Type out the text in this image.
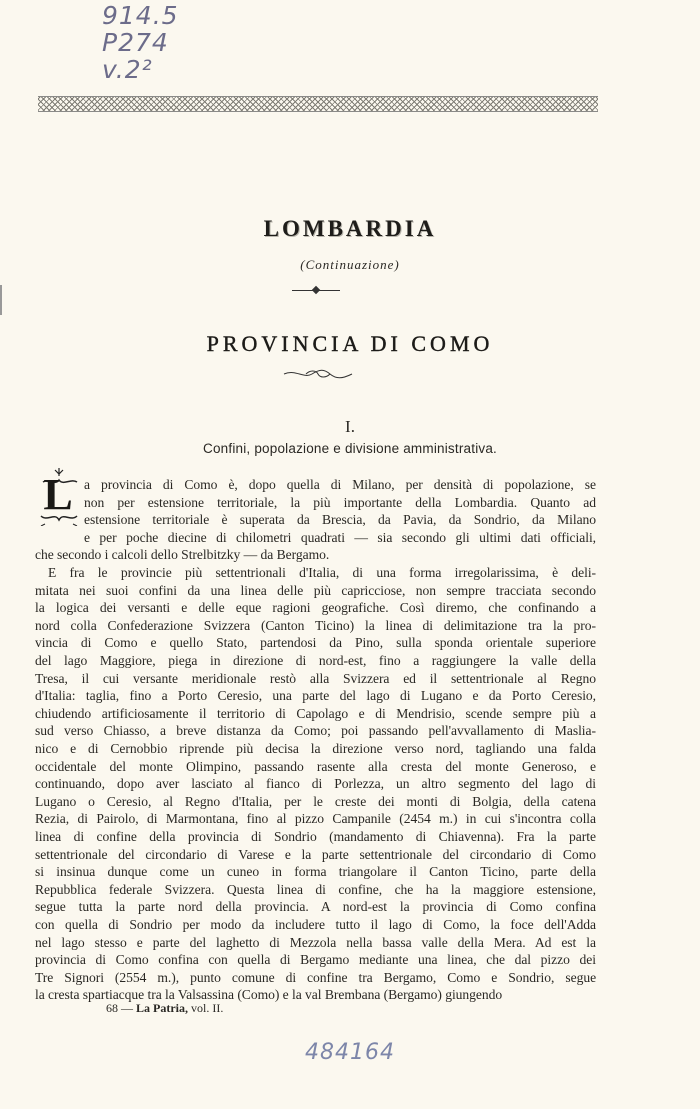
914.5
P274
v.2²
LOMBARDIA
(Continuazione)
PROVINCIA DI COMO
I.
Confini, popolazione e divisione amministrativa.
L a provincia di Como è, dopo quella di Milano, per densità di popolazione, se
non per estensione territoriale, la più importante della Lombardia. Quanto ad
estensione territoriale è superata da Brescia, da Pavia, da Sondrio, da Milano
e per poche diecine di chilometri quadrati — sia secondo gli ultimi dati officiali,
che secondo i calcoli dello Strelbitzky — da Bergamo.
E fra le provincie più settentrionali d'Italia, di una forma irregolarissima, è deli-
mitata nei suoi confini da una linea delle più capricciose, non sempre tracciata secondo
la logica dei versanti e delle eque ragioni geografiche. Così diremo, che confinando a
nord colla Confederazione Svizzera (Canton Ticino) la linea di delimitazione tra la pro-
vincia di Como e quello Stato, partendosi da Pino, sulla sponda orientale superiore
del lago Maggiore, piega in direzione di nord-est, fino a raggiungere la valle della
Tresa, il cui versante meridionale restò alla Svizzera ed il settentrionale al Regno
d'Italia: taglia, fino a Porto Ceresio, una parte del lago di Lugano e da Porto Ceresio,
chiudendo artificiosamente il territorio di Capolago e di Mendrisio, scende sempre più a
sud verso Chiasso, a breve distanza da Como; poi passando pell'avvallamento di Maslia-
nico e di Cernobbio riprende più decisa la direzione verso nord, tagliando una falda
occidentale del monte Olimpino, passando rasente alla cresta del monte Generoso, e
continuando, dopo aver lasciato al fianco di Porlezza, un altro segmento del lago di
Lugano o Ceresio, al Regno d'Italia, per le creste dei monti di Bolgia, della catena
Rezia, di Pairolo, di Marmontana, fino al pizzo Campanile (2454 m.) in cui s'incontra colla
linea di confine della provincia di Sondrio (mandamento di Chiavenna). Fra la parte
settentrionale del circondario di Varese e la parte settentrionale del circondario di Como
si insinua dunque come un cuneo in forma triangolare il Canton Ticino, parte della
Repubblica federale Svizzera. Questa linea di confine, che ha la maggiore estensione,
segue tutta la parte nord della provincia. A nord-est la provincia di Como confina
con quella di Sondrio per modo da includere tutto il lago di Como, la foce dell'Adda
nel lago stesso e parte del laghetto di Mezzola nella bassa valle della Mera. Ad est la
provincia di Como confina con quella di Bergamo mediante una linea, che dal pizzo dei
Tre Signori (2554 m.), punto comune di confine tra Bergamo, Como e Sondrio, segue
la cresta spartiacque tra la Valsassina (Como) e la val Brembana (Bergamo) giungendo
68 — La Patria, vol. II.
484164
